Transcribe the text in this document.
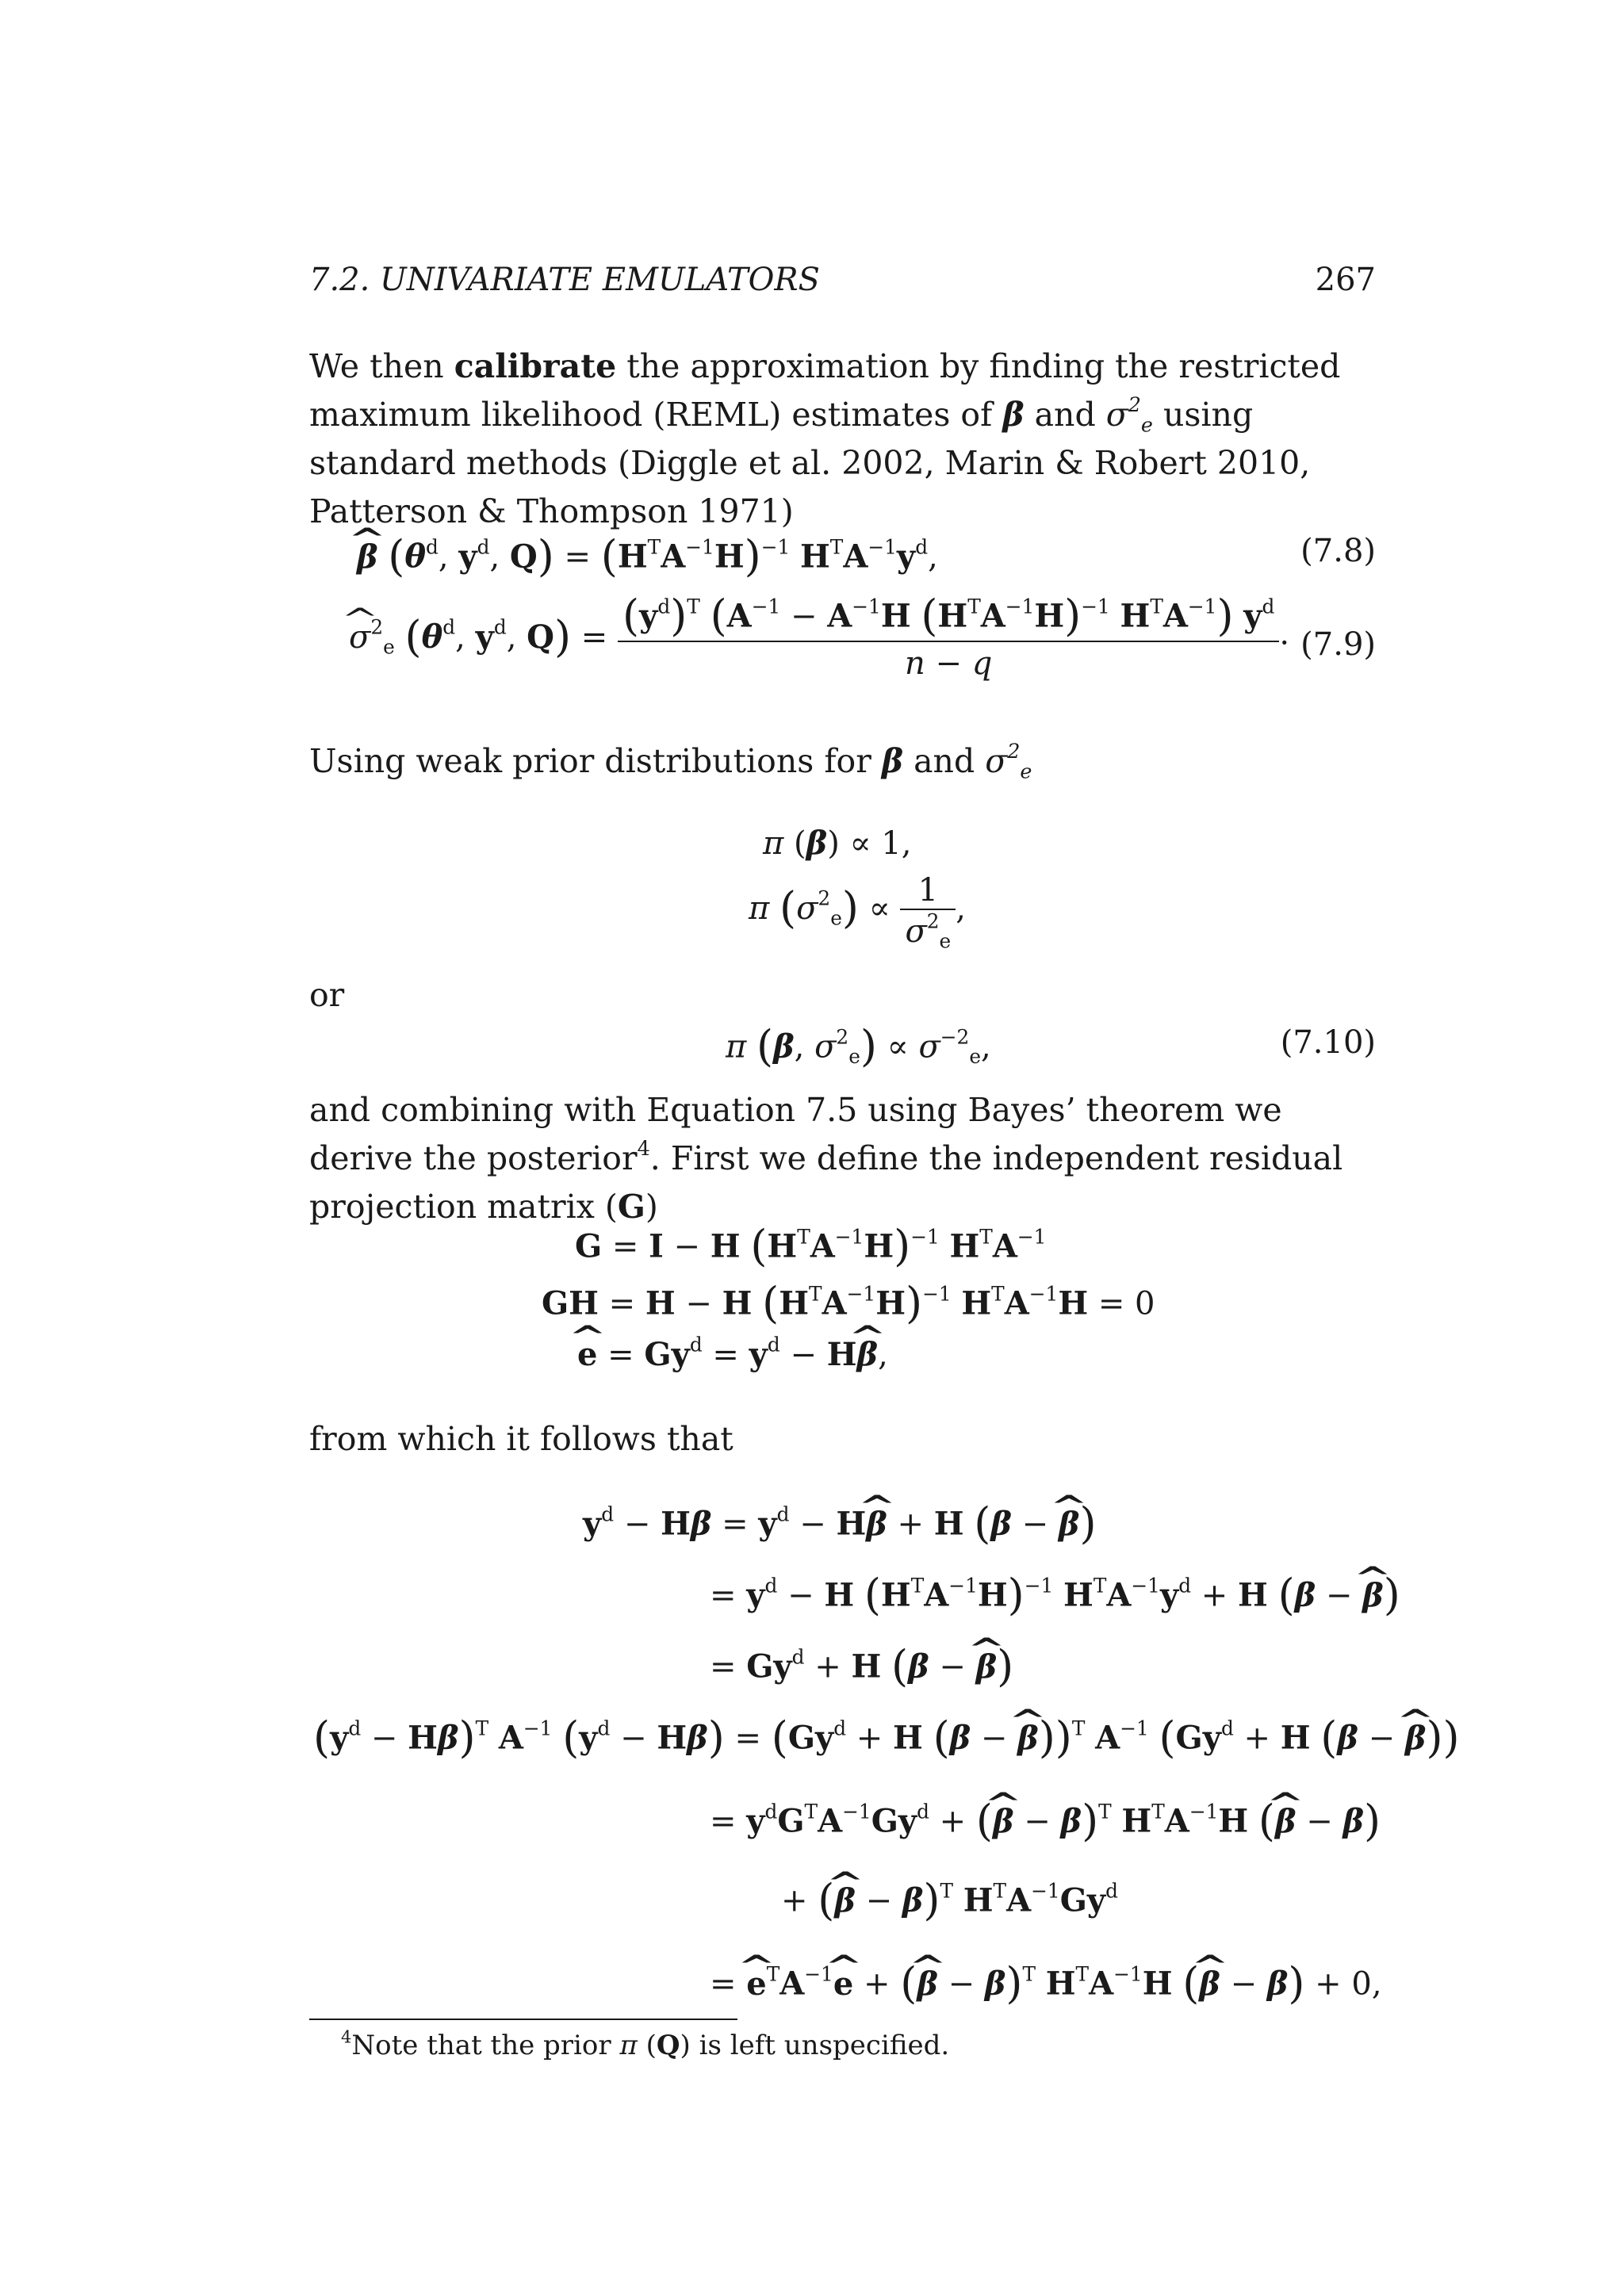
7.2. UNIVARIATE EMULATORS	267
We then calibrate the approximation by finding the restricted maximum likelihood (REML) estimates of β and $\sigma^2_e$ using standard methods (Diggle et al. 2002, Marin & Robert 2010, Patterson & Thompson 1971)
^ β ($\theta^d$, $y^d$, $Q) = (H^TA^{-1}H)^{-1}$ $H^TA^{-1}y^d$,	(7.8)
^ $\sigma^2_e$ ($\theta^d$, $y^d$, $Q) = \frac{(y^d)^T (A^{-1} - A^{-1}H (H^TA^{-1}H)^{-1} H^TA^{-1}) y^d}{n - q}$ . (7.9)
Using weak prior distributions for β and $\sigma^2_e$
π (β) ∝ 1,
π $(\sigma^2_e) \propto \frac{1}{\sigma^2_e}$ ,
or
π (β, $\sigma^2_e) \propto \sigma^{-2}_e$,	(7.10)
and combining with Equation 7.5 using Bayes’ theorem we derive the posterior$^4$. First we define the independent residual projection matrix (G)
G = I − H $(H^TA^{-1}H)^{-1}$ $H^TA^{-1}$
GH = H − H $(H^TA^{-1}H)^{-1}$ $H^TA^{-1}H = 0$
^ $e = Gy^d = y^d$ − H^ β,
from which it follows that
$y^d - H\beta = y^d$ − H^ β + H (β − ^ β)
= $y^d - H$ $(H^TA^{-1}H)^{-1}$ $H^TA^{-1}y^d + H$ (β − ^ β)
= $Gy^d + H$ (β − ^ β)
$(y^d - H\beta)^T$ $A^{-1}$ $(y^d - H\beta) = (Gy^d + H$ (β − ^ β))$^T$ $A^{-1}$ ($Gy^d + H$ (β − ^ β))
= $y^dG^TA^{-1}Gy^d$ + (^ β − β)$^T$ $H^TA^{-1}H$ (^ β − β)
+ (^ β − β)$^T$ $H^TA^{-1}Gy^d$
= ^ $e^TA^{-1}\^{}$ e + (^ β − β)$^T$ $H^TA^{-1}H$ (^ β − β) + 0,
$^4$Note that the prior π (Q) is left unspecified.
